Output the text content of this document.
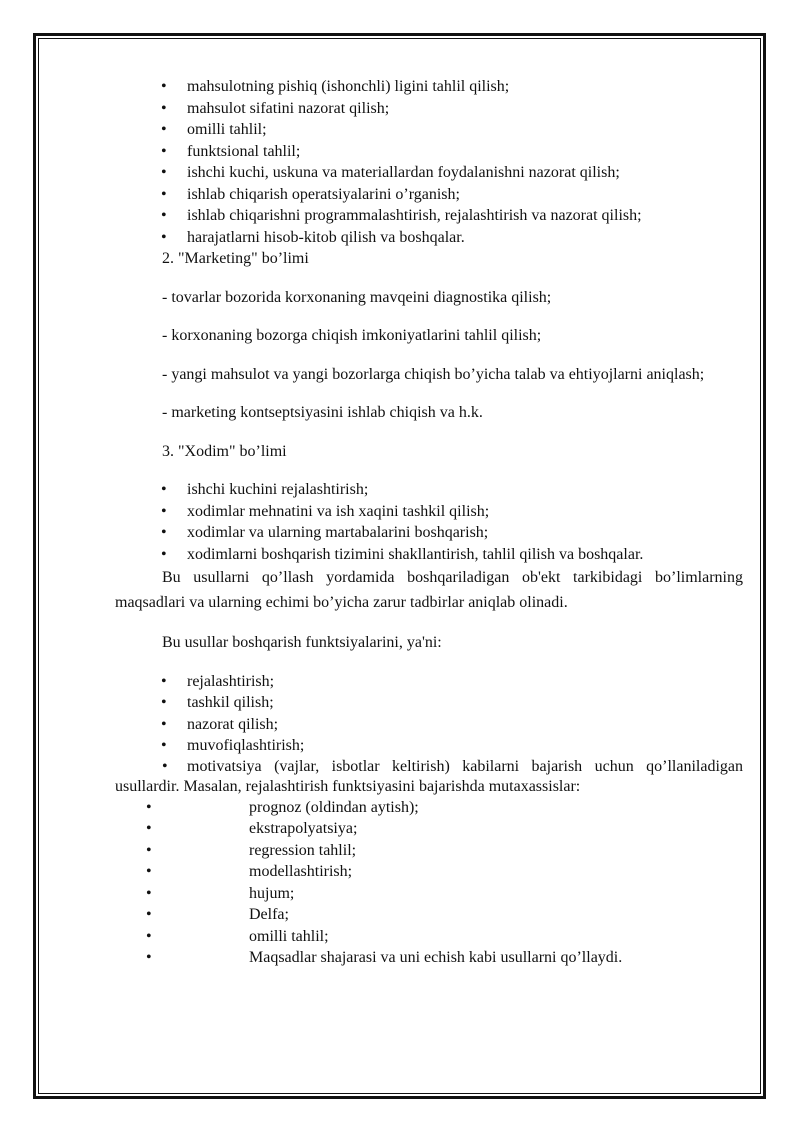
• mahsulotning pishiq (ishonchli) ligini tahlil qilish;
• mahsulot sifatini nazorat qilish;
• omilli tahlil;
• funktsional tahlil;
• ishchi kuchi, uskuna va materiallardan foydalanishni nazorat qilish;
• ishlab chiqarish operatsiyalarini o’rganish;
• ishlab chiqarishni programmalashtirish, rejalashtirish va nazorat qilish;
• harajatlarni hisob-kitob qilish va boshqalar.

2. "Marketing" bo’limi

- tovarlar bozorida korxonaning mavqeini diagnostika qilish;

- korxonaning bozorga chiqish imkoniyatlarini tahlil qilish;

- yangi mahsulot va yangi bozorlarga chiqish bo’yicha talab va ehtiyojlarni aniqlash;

- marketing kontseptsiyasini ishlab chiqish va h.k.

3. "Xodim" bo’limi

• ishchi kuchini rejalashtirish;
• xodimlar mehnatini va ish xaqini tashkil qilish;
• xodimlar va ularning martabalarini boshqarish;
• xodimlarni boshqarish tizimini shakllantirish, tahlil qilish va boshqalar.

Bu usullarni qo’llash yordamida boshqariladigan ob'ekt tarkibidagi bo’limlarning maqsadlari va ularning echimi bo’yicha zarur tadbirlar aniqlab olinadi.

Bu usullar boshqarish funktsiyalarini, ya'ni:

• rejalashtirish;
• tashkil qilish;
• nazorat qilish;
• muvofiqlashtirish;

• motivatsiya (vajlar, isbotlar keltirish) kabilarni bajarish uchun qo’llaniladigan usullardir. Masalan, rejalashtirish funktsiyasini bajarishda mutaxassislar:

•	prognoz (oldindan aytish);
•	ekstrapolyatsiya;
•	regression tahlil;
•	modellashtirish;
•	hujum;
•	Delfa;
•	omilli tahlil;
•	Maqsadlar shajarasi va uni echish kabi usullarni qo’llaydi.
